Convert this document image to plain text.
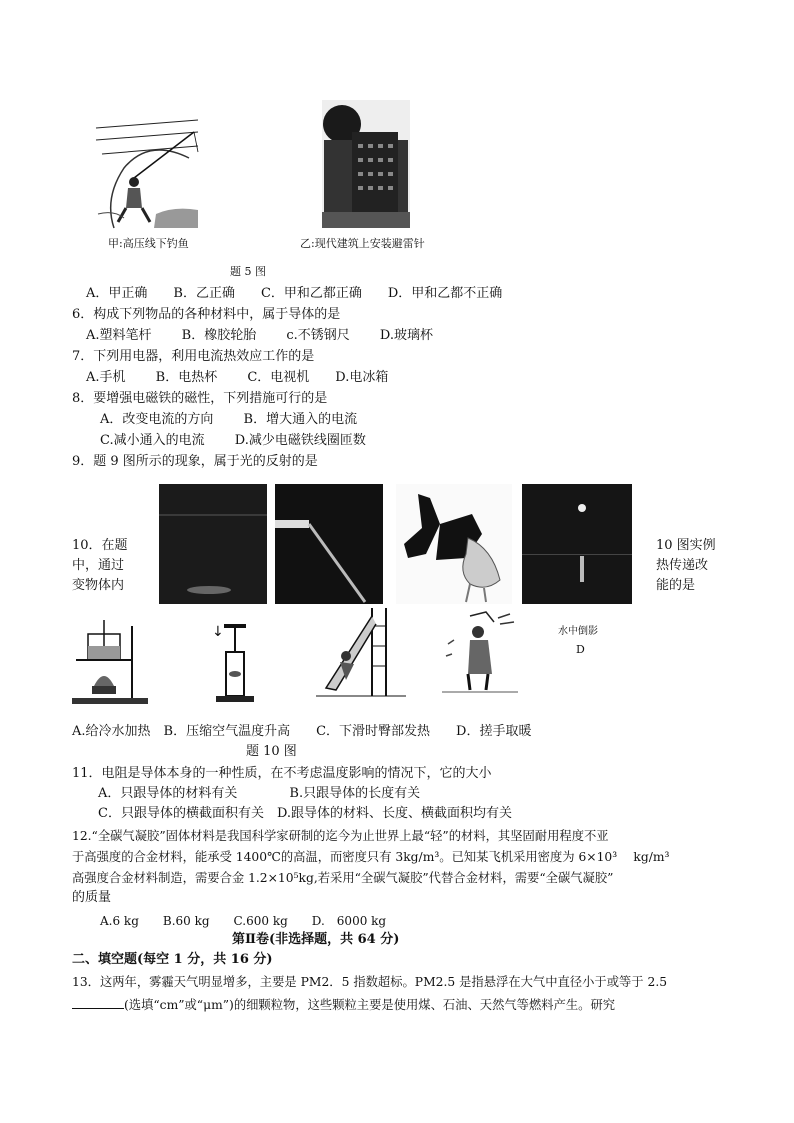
甲:高压线下钓鱼	乙:现代建筑上安装避雷针
题 5 图
A．甲正确　　B．乙正确　　C．甲和乙都正确　　D．甲和乙都不正确
6．构成下列物品的各种材料中，属于导体的是
A.塑料笔杆　　 B．橡胶轮胎　　 c.不锈钢尺　　 D.玻璃杯
7．下列用电器，利用电流热效应工作的是
A.手机　　 B．电热杯　　 C．电视机　　D.电冰箱
8．要增强电磁铁的磁性，下列措施可行的是
A．改变电流的方向　　 B．增大通入的电流
C.减小通入的电流　　 D.减少电磁铁线圈匝数
9．题 9 图所示的现象，属于光的反射的是
水中倒影
D
10．在题
中，通过
变物体内
10 图实例
热传递改
能的是
↓
A.给冷水加热　B．压缩空气温度升高　　C．下滑时臀部发热　　D．搓手取暖
题 10 图
11．电阻是导体本身的一种性质，在不考虑温度影响的情况下，它的大小
A．只跟导体的材料有关　　　　B.只跟导体的长度有关
C．只跟导体的横截面积有关　D.跟导体的材料、长度、横截面积均有关
12.“全碳气凝胶”固体材料是我国科学家研制的迄今为止世界上最“轻”的材料，其坚固耐用程度不亚
于高强度的合金材料，能承受 1400℃的高温，而密度只有 3kg/m³。已知某飞机采用密度为 6×10³　 kg/m³
高强度合金材料制造，需要合金 1.2×10⁵kg,若采用“全碳气凝胶”代替合金材料，需要“全碳气凝胶”
的质量
A.6 kg　　B.60 kg　　C.600 kg　　D.　6000 kg
第Ⅱ卷(非选择题，共 64 分)
二、填空题(每空 1 分，共 16 分)
13．这两年，雾霾天气明显增多，主要是 PM2．5 指数超标。PM2.5 是指悬浮在大气中直径小于或等于 2.5
(选填“cm”或“μm”)的细颗粒物，这些颗粒主要是使用煤、石油、天然气等燃料产生。研究
